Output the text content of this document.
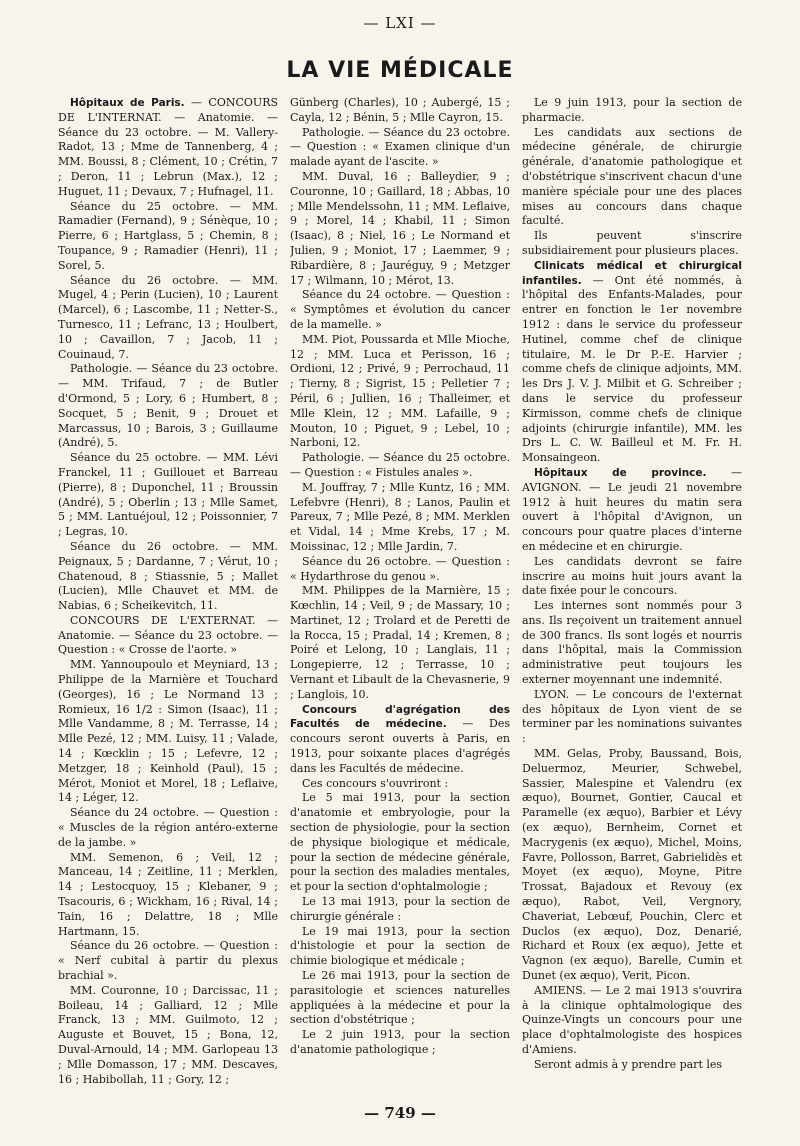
— LXI —
LA VIE MÉDICALE

Hôpitaux de Paris. — CONCOURS DE L'INTERNAT. — Anatomie. — Séance du 23 octobre. — M. Vallery-Radot, 13 ; Mme de Tannenberg, 4 ; MM. Boussi, 8 ; Clément, 10 ; Crétin, 7 ; Deron, 11 ; Lebrun (Max.), 12 ; Huguet, 11 ; Devaux, 7 ; Hufnagel, 11.

Séance du 25 octobre. — MM. Ramadier (Fernand), 9 ; Sénèque, 10 ; Pierre, 6 ; Hartglass, 5 ; Chemin, 8 ; Toupance, 9 ; Ramadier (Henri), 11 ; Sorel, 5.

Séance du 26 octobre. — MM. Mugel, 4 ; Perin (Lucien), 10 ; Laurent (Marcel), 6 ; Lascombe, 11 ; Netter-S., Turnesco, 11 ; Lefranc, 13 ; Houlbert, 10 ; Cavaillon, 7 ; Jacob, 11 ; Couinaud, 7.

Pathologie. — Séance du 23 octobre. — MM. Trifaud, 7 ; de Butler d'Ormond, 5 ; Lory, 6 ; Humbert, 8 ; Socquet, 5 ; Benit, 9 ; Drouet et Marcassus, 10 ; Barois, 3 ; Guillaume (André), 5.

Séance du 25 octobre. — MM. Lévi Franckel, 11 ; Guillouet et Barreau (Pierre), 8 ; Duponchel, 11 ; Broussin (André), 5 ; Oberlin ; 13 ; Mlle Samet, 5 ; MM. Lantuéjoul, 12 ; Poissonnier, 7 ; Legras, 10.

Séance du 26 octobre. — MM. Peignaux, 5 ; Dardanne, 7 ; Vérut, 10 ; Chatenoud, 8 ; Stiassnie, 5 ; Mallet (Lucien), Mlle Chauvet et MM. de Nabias, 6 ; Scheikevitch, 11.

CONCOURS DE L'EXTERNAT. — Anatomie. — Séance du 23 octobre. — Question : « Crosse de l'aorte. »

MM. Yannoupoulo et Meyniard, 13 ; Philippe de la Marnière et Touchard (Georges), 16 ; Le Normand 13 ; Romieux, 16 1/2 : Simon (Isaac), 11 ; Mlle Vandamme, 8 ; M. Terrasse, 14 ; Mlle Pezé, 12 ; MM. Luisy, 11 ; Valade, 14 ; Kœcklin ; 15 ; Lefevre, 12 ; Metzger, 18 ; Keinhold (Paul), 15 ; Mérot, Moniot et Morel, 18 ; Leflaive, 14 ; Léger, 12.

Séance du 24 octobre. — Question : « Muscles de la région antéro-externe de la jambe. »

MM. Semenon, 6 ; Veil, 12 ; Manceau, 14 ; Zeitline, 11 ; Merklen, 14 ; Lestocquoy, 15 ; Klebaner, 9 ; Tsacouris, 6 ; Wickham, 16 ; Rival, 14 ; Tain, 16 ; Delattre, 18 ; Mlle Hartmann, 15.

Séance du 26 octobre. — Question : « Nerf cubital à partir du plexus brachial ».

MM. Couronne, 10 ; Darcissac, 11 ; Boileau, 14 ; Galliard, 12 ; Mlle Franck, 13 ; MM. Guilmoto, 12 ; Auguste et Bouvet, 15 ; Bona, 12, Duval-Arnould, 14 ; MM. Garlopeau 13 ; Mlle Domasson, 17 ; MM. Descaves, 16 ; Habibollah, 11 ; Gory, 12 ;

Günberg (Charles), 10 ; Aubergé, 15 ; Cayla, 12 ; Bénin, 5 ; Mlle Cayron, 15.

Pathologie. — Séance du 23 octobre. — Question : « Examen clinique d'un malade ayant de l'ascite. »

MM. Duval, 16 ; Balleydier, 9 ; Couronne, 10 ; Gaillard, 18 ; Abbas, 10 ; Mlle Mendelssohn, 11 ; MM. Leflaive, 9 ; Morel, 14 ; Khabil, 11 ; Simon (Isaac), 8 ; Niel, 16 ; Le Normand et Julien, 9 ; Moniot, 17 ; Laemmer, 9 ; Ribardière, 8 ; Jauréguy, 9 ; Metzger 17 ; Wilmann, 10 ; Mérot, 13.

Séance du 24 octobre. — Question : « Symptômes et évolution du cancer de la mamelle. »

MM. Piot, Poussarda et Mlle Mioche, 12 ; MM. Luca et Perisson, 16 ; Ordioni, 12 ; Privé, 9 ; Perrochaud, 11 ; Tierny, 8 ; Sigrist, 15 ; Pelletier 7 ; Péril, 6 ; Jullien, 16 ; Thalleimer, et Mlle Klein, 12 ; MM. Lafaille, 9 ; Mouton, 10 ; Piguet, 9 ; Lebel, 10 ; Narboni, 12.

Pathologie. — Séance du 25 octobre. — Question : « Fistules anales ».

M. Jouffray, 7 ; Mlle Kuntz, 16 ; MM. Lefebvre (Henri), 8 ; Lanos, Paulin et Pareux, 7 ; Mlle Pezé, 8 ; MM. Merklen et Vidal, 14 ; Mme Krebs, 17 ; M. Moissinac, 12 ; Mlle Jardin, 7.

Séance du 26 octobre. — Question : « Hydarthrose du genou ».

MM. Philippes de la Marnière, 15 ; Kœchlin, 14 ; Veil, 9 ; de Massary, 10 ; Martinet, 12 ; Trolard et de Peretti de la Rocca, 15 ; Pradal, 14 ; Kremen, 8 ; Poiré et Lelong, 10 ; Langlais, 11 ; Longepierre, 12 ; Terrasse, 10 ; Vernant et Libault de la Chevasnerie, 9 ; Langlois, 10.

Concours d'agrégation des Facultés de médecine. — Des concours seront ouverts à Paris, en 1913, pour soixante places d'agrégés dans les Facultés de médecine.

Ces concours s'ouvriront :

Le 5 mai 1913, pour la section d'anatomie et embryologie, pour la section de physiologie, pour la section de physique biologique et médicale, pour la section de médecine générale, pour la section des maladies mentales, et pour la section d'ophtalmologie ;

Le 13 mai 1913, pour la section de chirurgie générale :

Le 19 mai 1913, pour la section d'histologie et pour la section de chimie biologique et médicale ;

Le 26 mai 1913, pour la section de parasitologie et sciences naturelles appliquées à la médecine et pour la section d'obstétrique ;

Le 2 juin 1913, pour la section d'anatomie pathologique ;

Le 9 juin 1913, pour la section de pharmacie.

Les candidats aux sections de médecine générale, de chirurgie générale, d'anatomie pathologique et d'obstétrique s'inscrivent chacun d'une manière spéciale pour une des places mises au concours dans chaque faculté.

Ils peuvent s'inscrire subsidiairement pour plusieurs places.

Clinicats médical et chirurgical infantiles. — Ont été nommés, à l'hôpital des Enfants-Malades, pour entrer en fonction le 1er novembre 1912 : dans le service du professeur Hutinel, comme chef de clinique titulaire, M. le Dr P.-E. Harvier ; comme chefs de clinique adjoints, MM. les Drs J. V. J. Milbit et G. Schreiber ; dans le service du professeur Kirmisson, comme chefs de clinique adjoints (chirurgie infantile), MM. les Drs L. C. W. Bailleul et M. Fr. H. Monsaingeon.

Hôpitaux de province. — AVIGNON. — Le jeudi 21 novembre 1912 à huit heures du matin sera ouvert à l'hôpital d'Avignon, un concours pour quatre places d'interne en médecine et en chirurgie.

Les candidats devront se faire inscrire au moins huit jours avant la date fixée pour le concours.

Les internes sont nommés pour 3 ans. Ils reçoivent un traitement annuel de 300 francs. Ils sont logés et nourris dans l'hôpital, mais la Commission administrative peut toujours les externer moyennant une indemnité.

LYON. — Le concours de l'externat des hôpitaux de Lyon vient de se terminer par les nominations suivantes :

MM. Gelas, Proby, Baussand, Bois, Deluermoz, Meurier, Schwebel, Sassier, Malespine et Valendru (ex æquo), Bournet, Gontier, Caucal et Paramelle (ex æquo), Barbier et Lévy (ex æquo), Bernheim, Cornet et Macrygenis (ex æquo), Michel, Moins, Favre, Pollosson, Barret, Gabrielidès et Moyet (ex æquo), Moyne, Pitre Trossat, Bajadoux et Revouy (ex æquo), Rabot, Veil, Vergnory, Chaveriat, Lebœuf, Pouchin, Clerc et Duclos (ex æquo), Doz, Denarié, Richard et Roux (ex æquo), Jette et Vagnon (ex æquo), Barelle, Cumin et Dunet (ex æquo), Verit, Picon.

AMIENS. — Le 2 mai 1913 s'ouvrira à la clinique ophtalmologique des Quinze-Vingts un concours pour une place d'ophtalmologiste des hospices d'Amiens.

Seront admis à y prendre part les

— 749 —
